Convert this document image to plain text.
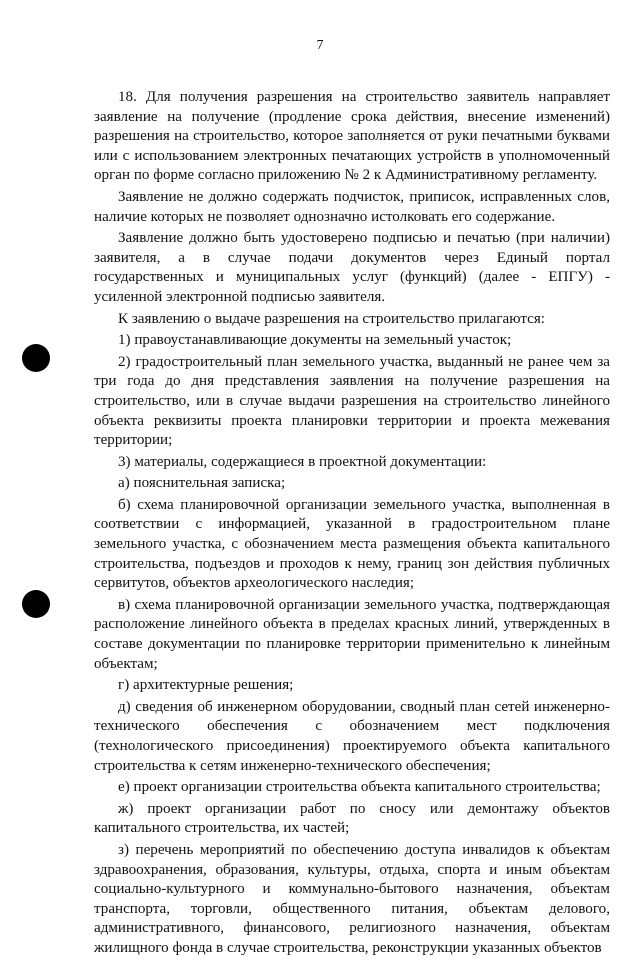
7

18. Для получения разрешения на строительство заявитель направляет заявление на получение (продление срока действия, внесение изменений) разрешения на строительство, которое заполняется от руки печатными буквами или с использованием электронных печатающих устройств в уполномоченный орган по форме согласно приложению № 2 к Административному регламенту.

Заявление не должно содержать подчисток, приписок, исправленных слов, наличие которых не позволяет однозначно истолковать его содержание.

Заявление должно быть удостоверено подписью и печатью (при наличии) заявителя, а в случае подачи документов через Единый портал государственных и муниципальных услуг (функций) (далее - ЕПГУ) - усиленной электронной подписью заявителя.

К заявлению о выдаче разрешения на строительство прилагаются:

1) правоустанавливающие документы на земельный участок;

2) градостроительный план земельного участка, выданный не ранее чем за три года до дня представления заявления на получение разрешения на строительство, или в случае выдачи разрешения на строительство линейного объекта реквизиты проекта планировки территории и проекта межевания территории;

3) материалы, содержащиеся в проектной документации:

а) пояснительная записка;

б) схема планировочной организации земельного участка, выполненная в соответствии с информацией, указанной в градостроительном плане земельного участка, с обозначением места размещения объекта капитального строительства, подъездов и проходов к нему, границ зон действия публичных сервитутов, объектов археологического наследия;

в) схема планировочной организации земельного участка, подтверждающая расположение линейного объекта в пределах красных линий, утвержденных в составе документации по планировке территории применительно к линейным объектам;

г) архитектурные решения;

д) сведения об инженерном оборудовании, сводный план сетей инженерно-технического обеспечения с обозначением мест подключения (технологического присоединения) проектируемого объекта капитального строительства к сетям инженерно-технического обеспечения;

е) проект организации строительства объекта капитального строительства;

ж) проект организации работ по сносу или демонтажу объектов капитального строительства, их частей;

з) перечень мероприятий по обеспечению доступа инвалидов к объектам здравоохранения, образования, культуры, отдыха, спорта и иным объектам социально-культурного и коммунально-бытового назначения, объектам транспорта, торговли, общественного питания, объектам делового, административного, финансового, религиозного назначения, объектам жилищного фонда в случае строительства, реконструкции указанных объектов
